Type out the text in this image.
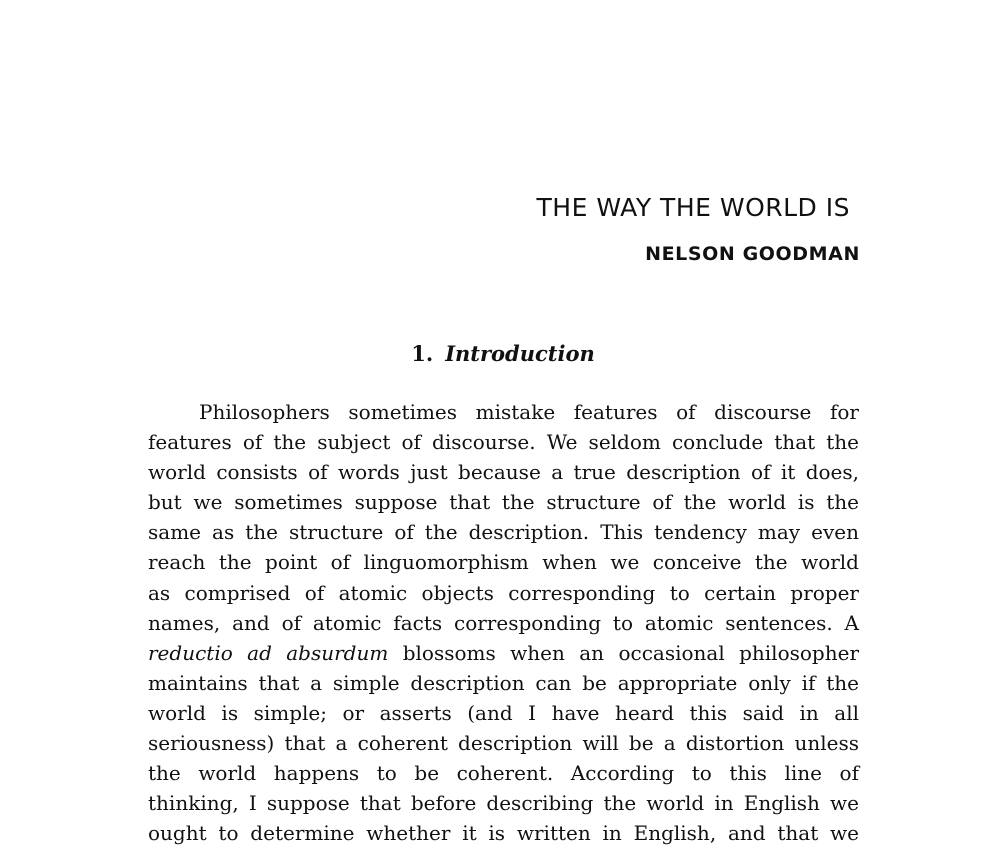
THE WAY THE WORLD IS
NELSON GOODMAN
1. Introduction
Philosophers sometimes mistake features of discourse for
features of the subject of discourse. We seldom conclude that the
world consists of words just because a true description of it does,
but we sometimes suppose that the structure of the world is the
same as the structure of the description. This tendency may even
reach the point of linguomorphism when we conceive the world
as comprised of atomic objects corresponding to certain proper
names, and of atomic facts corresponding to atomic sentences. A
reductio ad absurdum blossoms when an occasional philosopher
maintains that a simple description can be appropriate only if the
world is simple; or asserts (and I have heard this said in all
seriousness) that a coherent description will be a distortion unless
the world happens to be coherent. According to this line of
thinking, I suppose that before describing the world in English we
ought to determine whether it is written in English, and that we
